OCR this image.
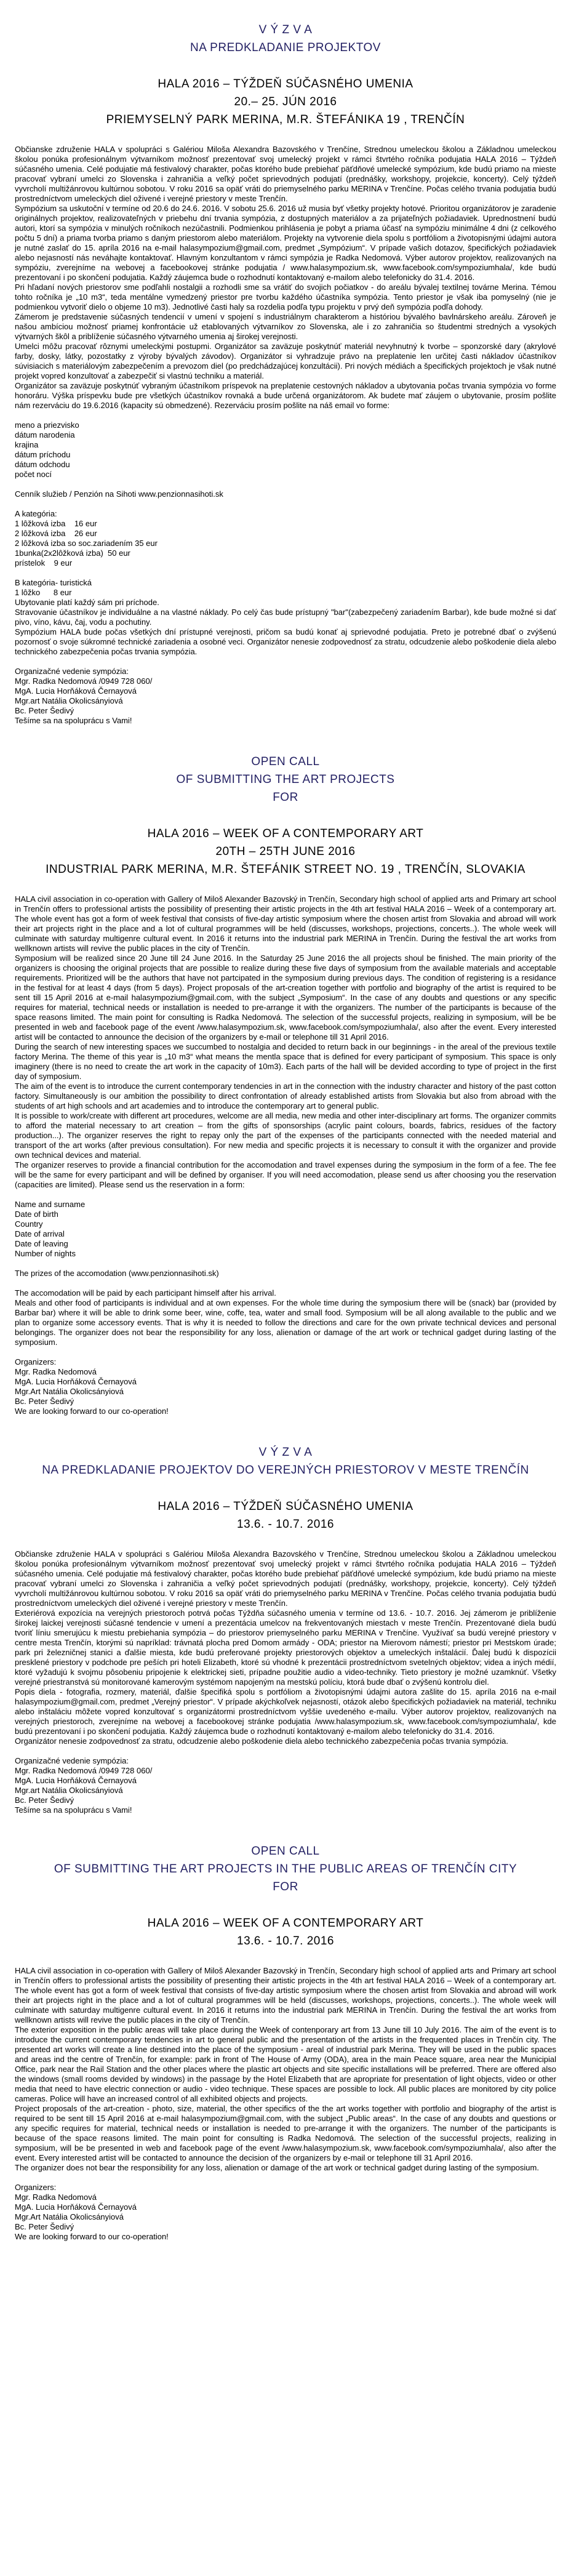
V Ý Z V A
NA PREDKLADANIE PROJEKTOV
HALA 2016 – TÝŽDEŇ SÚČASNÉHO UMENIA
20.– 25. JÚN 2016
PRIEMYSELNÝ PARK MERINA, M.R. ŠTEFÁNIKA 19 , TRENČÍN

Občianske združenie HALA v spolupráci s Galériou Miloša Alexandra Bazovského v Trenčíne, Strednou umeleckou školou a Základnou umeleckou školou ponúka profesionálnym výtvarníkom možnosť prezentovať svoj umelecký projekt v rámci štvrtého ročníka podujatia HALA 2016 – Týždeň súčasného umenia. Celé podujatie má festivalový charakter, počas ktorého bude prebiehať päťdňové umelecké sympózium, kde budú priamo na mieste pracovať vybraní umelci zo Slovenska i zahraničia a veľký počet sprievodných podujatí (prednášky, workshopy, projekcie, koncerty). Celý týždeň vyvrcholí multižánrovou kultúrnou sobotou. V roku 2016 sa opäť vráti do priemyselného parku MERINA v Trenčíne. Počas celého trvania podujatia budú prostredníctvom umeleckých diel oživené i verejné priestory v meste Trenčín.

Sympózium sa uskutoční v termíne od 20.6 do 24.6. 2016. V sobotu 25.6. 2016 už musia byť všetky projekty hotové. Prioritou organizátorov je zaradenie originálnych projektov, realizovateľných v priebehu dní trvania sympózia, z dostupných materiálov a za prijateľných požiadaviek. Uprednostnení budú autori, ktorí sa sympózia v minulých ročníkoch nezúčastnili. Podmienkou prihlásenia je pobyt a priama účasť na sympóziu minimálne 4 dni (z celkového počtu 5 dní) a priama tvorba priamo s daným priestorom alebo materiálom. Projekty na vytvorenie diela spolu s portfóliom a životopisnými údajmi autora je nutné zaslať do 15. apríla 2016 na e-mail halasympozium@gmail.com, predmet „Sympózium“. V prípade vašich dotazov, špecifických požiadaviek alebo nejasností nás neváhajte kontaktovať. Hlavným konzultantom v rámci sympózia je Radka Nedomová. Výber autorov projektov, realizovaných na sympóziu, zverejníme na webovej a facebookovej stránke podujatia / www.halasympozium.sk, www.facebook.com/sympoziumhala/, kde budú prezentovaní i po skončení podujatia. Každý záujemca bude o rozhodnutí kontaktovaný e-mailom alebo telefonicky do 31.4. 2016.

Pri hľadaní nových priestorov sme podľahli nostalgii a rozhodli sme sa vrátiť do svojich počiatkov - do areálu bývalej textilnej továrne Merina. Témou tohto ročníka je „10 m3“, teda mentálne vymedzený priestor pre tvorbu každého účastníka sympózia. Tento priestor je však iba pomyselný (nie je podmienkou vytvoriť dielo o objeme 10 m3). Jednotlivé časti haly sa rozdelia podľa typu projektu v prvý deň sympózia podľa dohody.

Zámerom je predstavenie súčasných tendencií v umení v spojení s industriálnym charakterom a históriou bývalého bavlnárskeho areálu. Zároveň je našou ambíciou možnosť priamej konfrontácie už etablovaných výtvarníkov zo Slovenska, ale i zo zahraničia so študentmi stredných a vysokých výtvarných škôl a priblíženie súčasného výtvarného umenia aj širokej verejnosti.

Umelci môžu pracovať rôznymi umeleckými postupmi. Organizátor sa zaväzuje poskytnúť materiál nevyhnutný k tvorbe – sponzorské dary (akrylové farby, dosky, látky, pozostatky z výroby bývalých závodov). Organizátor si vyhradzuje právo na preplatenie len určitej časti nákladov účastníkov súvisiacich s materiálovým zabezpečením a prevozom diel (po predchádzajúcej konzultácii). Pri nových médiách a špecifických projektoch je však nutné projekt vopred konzultovať a zabezpečiť si vlastnú techniku a materiál.

Organizátor sa zaväzuje poskytnúť vybraným účastníkom príspevok na preplatenie cestovných nákladov a ubytovania počas trvania sympózia vo forme honoráru. Výška príspevku bude pre všetkých účastníkov rovnaká a bude určená organizátorom. Ak budete mať záujem o ubytovanie, prosím pošlite nám rezerváciu do 19.6.2016 (kapacity sú obmedzené). Rezerváciu prosím pošlite na náš email vo forme:

meno a priezvisko
dátum narodenia
krajina
dátum príchodu
dátum odchodu
počet nocí
Cenník služieb / Penzión na Sihoti www.penzionnasihoti.sk
A kategória:
1 lôžková izba    16 eur
2 lôžková izba    26 eur
2 lôžková izba so soc.zariadením 35 eur
1bunka(2x2lôžková izba)  50 eur
prístelok    9 eur
B kategória- turistická
1 lôžko      8 eur

Ubytovanie platí každý sám pri príchode.

Stravovanie účastníkov je individuálne a na vlastné náklady. Po celý čas bude prístupný "bar"(zabezpečený zariadením Barbar), kde bude možné si dať pivo, víno, kávu, čaj, vodu a pochutiny.

Sympózium HALA bude počas všetkých dní prístupné verejnosti, pričom sa budú konať aj sprievodné podujatia. Preto je potrebné dbať o zvýšenú pozornosť o svoje súkromné technické zariadenia a osobné veci. Organizátor nenesie zodpovednosť za stratu, odcudzenie alebo poškodenie diela alebo technického zabezpečenia počas trvania sympózia.

Organizačné vedenie sympózia:
Mgr. Radka Nedomová /0949 728 060/
MgA. Lucia Horňáková Černayová
Mgr.art Natália Okolicsányiová
Bc. Peter Šedivý

Tešíme sa na spoluprácu s Vami!

OPEN CALL
OF SUBMITTING THE ART PROJECTS
FOR
HALA 2016 – WEEK OF A CONTEMPORARY ART
20TH – 25TH JUNE 2016
INDUSTRIAL PARK MERINA, M.R. ŠTEFÁNIK STREET NO. 19 , TRENČÍN, SLOVAKIA

HALA civil association in co-operation with Gallery of Miloš Alexander Bazovský in Trenčín, Secondary high school of applied arts and Primary art school in Trenčín offers to professional artists the possibility of presenting their artistic projects in the 4th art festival HALA 2016 – Week of a contemporary art. The whole event has got a form of week festival that consists of five-day artistic symposium where the chosen artist from Slovakia and abroad will work their art projects right in the place and a lot of cultural programmes will be held (discusses, workshops, projections, concerts..). The whole week will culminate with saturday multigenre cultural event. In 2016 it returns into the industrial park MERINA in Trenčín. During the festival the art works from wellknown artists will revive the public places in the city of Trenčín.

Symposium will be realized since 20 June till 24 June 2016. In the Saturday 25 June 2016 the all projects shoul be finished. The main priority of the organizers is choosing the original projects that are possible to realize during these five days of symposium from the available materials and acceptable requirements. Prioritized will be the authors that have not partcipated in the symposium during previous days. The condition of registering is a residance in the festival for at least 4 days (from 5 days). Project proposals of the art-creation together with portfolio and biography of the artist is required to be sent till 15 April 2016 at e-mail halasympozium@gmail.com, with the subject „Symposium“. In the case of any doubts and questions or any specific requires for material, technical needs or installation is needed to pre-arrange it with the organizers. The number of the participants is because of the space reasons limited. The main point for consulting is Radka Nedomová. The selection of the successful projects, realizing in symposium, will be be presented in web and facebook page of the event /www.halasympozium.sk, www.facebook.com/sympoziumhala/, also after the event. Every interested artist will be contacted to announce the decision of the organizers by e-mail or telephone till 31 April 2016.

During the search of new interesting spaces we succumbed to nostalgia and decided to return back in our beginnings - in the areal of the previous textile factory Merina. The theme of this year is „10 m3“ what means the mentla space that is defined for every participant of symposium. This space is only imaginery (there is no need to create the art work in the capacity of 10m3). Each parts of the hall will be devided according to type of project in the first day of symposium.

The aim of the event is to introduce the current contemporary tendencies in art in the connection with the industry character and history of the past cotton factory. Simultaneously is our ambition the possibility to direct confrontation of already established artists from Slovakia but also from abroad with the students of art high schools and art academies and to introduce the contemporary art to general public.

It is possible to work/create with different art procedures, welcome are all media, new media and other inter-disciplinary art forms. The organizer commits to afford the material necessary to art creation – from the gifts of sponsorships (acrylic paint colours, boards, fabrics, residues of the factory production...). The organizer reserves the right to repay only the part of the expenses of the participants connected with the needed material and transport of the art works (after previous consultation). For new media and specific projects it is necessary to consult it with the organizer and provide own technical devices and material.

The organizer reserves to provide a financial contribution for the accomodation and travel expenses during the symposium in the form of a fee. The fee will be the same for every participant and will be defined by organiser. If you will need accomodation, please send us after choosing you the reservation (capacities are limited). Please send us the reservation in a form:

Name and surname
Date of birth
Country
Date of arrival
Date of leaving
Number of nights
The prizes of the accomodation (www.penzionnasihoti.sk)
The accomodation will be paid by each participant himself after his arrival.

Meals and other food of participants is individual and at own expenses. For the whole time during the symposium there will be (snack) bar (provided by Barbar bar) where it will be able to drink some beer, wine, coffe, tea, water and small food. Symposium will be all along available to the public and we plan to organize some accessory events. That is why it is needed to follow the directions and care for the own private technical devices and personal belongings. The organizer does not bear the responsibility for any loss, alienation or damage of the art work or technical gadget during lasting of the symposium.

Organizers:
Mgr. Radka Nedomová
MgA. Lucia Horňáková Černayová
Mgr.Art Natália Okolicsányiová
Bc. Peter Šedivý

We are looking forward to our co-operation!

V Ý Z V A
NA PREDKLADANIE PROJEKTOV DO VEREJNÝCH PRIESTOROV V MESTE TRENČÍN
HALA 2016 – TÝŽDEŇ SÚČASNÉHO UMENIA
13.6. - 10.7. 2016

Občianske združenie HALA v spolupráci s Galériou Miloša Alexandra Bazovského v Trenčíne, Strednou umeleckou školou a Základnou umeleckou školou ponúka profesionálnym výtvarníkom možnosť prezentovať svoj umelecký projekt v rámci štvrtého ročníka podujatia HALA 2016 – Týždeň súčasného umenia. Celé podujatie má festivalový charakter, počas ktorého bude prebiehať päťdňové umelecké sympózium, kde budú priamo na mieste pracovať vybraní umelci zo Slovenska i zahraničia a veľký počet sprievodných podujatí (prednášky, workshopy, projekcie, koncerty). Celý týždeň vyvrcholí multižánrovou kultúrnou sobotou. V roku 2016 sa opäť vráti do priemyselného parku MERINA v Trenčíne. Počas celého trvania podujatia budú prostredníctvom umeleckých diel oživené i verejné priestory v meste Trenčín.

Exteriérová expozícia na verejných priestoroch potrvá počas Týždňa súčasného umenia v termíne od 13.6. - 10.7. 2016. Jej zámerom je priblíženie širokej laickej verejnosti súčasné tendencie v umení a prezentácia umelcov na frekventovaných miestach v meste Trenčín. Prezentované diela budú tvoriť líniu smerujúcu k miestu prebiehania sympózia – do priestorov priemyselného parku MERINA v Trenčíne. Využívať sa budú verejné priestory v centre mesta Trenčín, ktorými sú napríklad: trávnatá plocha pred Domom armády - ODA; priestor na Mierovom námestí; priestor pri Mestskom úrade; park pri železničnej stanici a ďalšie miesta, kde budú preferované projekty priestorových objektov a umeleckých inštalácií. Ďalej budú k dispozícii presklené priestory v podchode pre peších pri hoteli Elizabeth, ktoré sú vhodné k prezentácii prostredníctvom svetelných objektov; videa a iných médií, ktoré vyžadujú k svojmu pôsobeniu pripojenie k elektrickej sieti, prípadne použitie audio a video-techniky. Tieto priestory je možné uzamknúť. Všetky verejné priestranstvá sú monitorované kamerovým systémom napojeným na mestskú políciu, ktorá bude dbať o zvýšenú kontrolu diel.

Popis diela - fotografia, rozmery, materiál, ďalšie špecifiká spolu s portfóliom a životopisnými údajmi autora zašlite do 15. apríla 2016 na e-mail halasympozium@gmail.com, predmet „Verejný priestor“. V prípade akýchkoľvek nejasností, otázok alebo špecifických požiadaviek na materiál, techniku alebo inštaláciu môžete vopred konzultovať s organizátormi prostredníctvom vyššie uvedeného e-mailu. Výber autorov projektov, realizovaných na verejných priestoroch, zverejníme na webovej a facebookovej stránke podujatia /www.halasympozium.sk, www.facebook.com/sympoziumhala/, kde budú prezentovaní i po skončení podujatia. Každý záujemca bude o rozhodnutí kontaktovaný e-mailom alebo telefonicky do 31.4. 2016.

Organizátor nenesie zodpovednosť za stratu, odcudzenie alebo poškodenie diela alebo technického zabezpečenia počas trvania sympózia.

Organizačné vedenie sympózia:
Mgr. Radka Nedomová /0949 728 060/
MgA. Lucia Horňáková Černayová
Mgr.art Natália Okolicsányiová
Bc. Peter Šedivý

Tešíme sa na spoluprácu s Vami!

OPEN CALL
OF SUBMITTING THE ART PROJECTS IN THE PUBLIC AREAS OF TRENČÍN CITY
FOR
HALA 2016 – WEEK OF A CONTEMPORARY ART
13.6. - 10.7. 2016

HALA civil association in co-operation with Gallery of Miloš Alexander Bazovský in Trenčín, Secondary high school of applied arts and Primary art school in Trenčín offers to professional artists the possibility of presenting their artistic projects in the 4th art festival HALA 2016 – Week of a contemporary art. The whole event has got a form of week festival that consists of five-day artistic symposium where the chosen artist from Slovakia and abroad will work their art projects right in the place and a lot of cultural programmes will be held (discusses, workshops, projections, concerts..). The whole week will culminate with saturday multigenre cultural event. In 2016 it returns into the industrial park MERINA in Trenčín. During the festival the art works from wellknown artists will revive the public places in the city of Trenčín.

The exterior exposition in the public areas will take place during the Week of contenporary art from 13 June till 10 July 2016. The aim of the event is to introduce the current contemporary tendencies in art to general public and the presentation of the artists in the frequented places in Trenčín city. The presented art works will create a line destined into the place of the symposium - areal of industrial park Merina. They will be used in the public spaces and areas ind the centre of Trenčín, for example: park in front of The House of Army (ODA), area in the main Peace square, area near the Municipial Office, park near the Rail Station and the other places where the plastic art objects and site specific installations will be preferred. There are offered also the windows (small rooms devided by windows) in the passage by the Hotel Elizabeth that are apropriate for presentation of light objects, video or other media that need to have electric connection or audio - video technique. These spaces are possible to lock. All public places are monitored by city police cameras. Police will have an increased control of all exhibited objects and projects.

Project proposals of the art-creation - photo, size, material, the other specifics of the the art works together with portfolio and biography of the artist is required to be sent till 15 April 2016 at e-mail halasympozium@gmail.com, with the subject „Public areas“. In the case of any doubts and questions or any specific requires for material, technical needs or installation is needed to pre-arrange it with the organizers. The number of the participants is because of the space reasons limited. The main point for consulting is Radka Nedomová. The selection of the successful projects, realizing in symposium, will be be presented in web and facebook page of the event /www.halasympozium.sk, www.facebook.com/sympoziumhala/, also after the event. Every interested artist will be contacted to announce the decision of the organizers by e-mail or telephone till 31 April 2016.

The organizer does not bear the responsibility for any loss, alienation or damage of the art work or technical gadget during lasting of the symposium.

Organizers:
Mgr. Radka Nedomová
MgA. Lucia Horňáková Černayová
Mgr.Art Natália Okolicsányiová
Bc. Peter Šedivý

We are looking forward to our co-operation!
